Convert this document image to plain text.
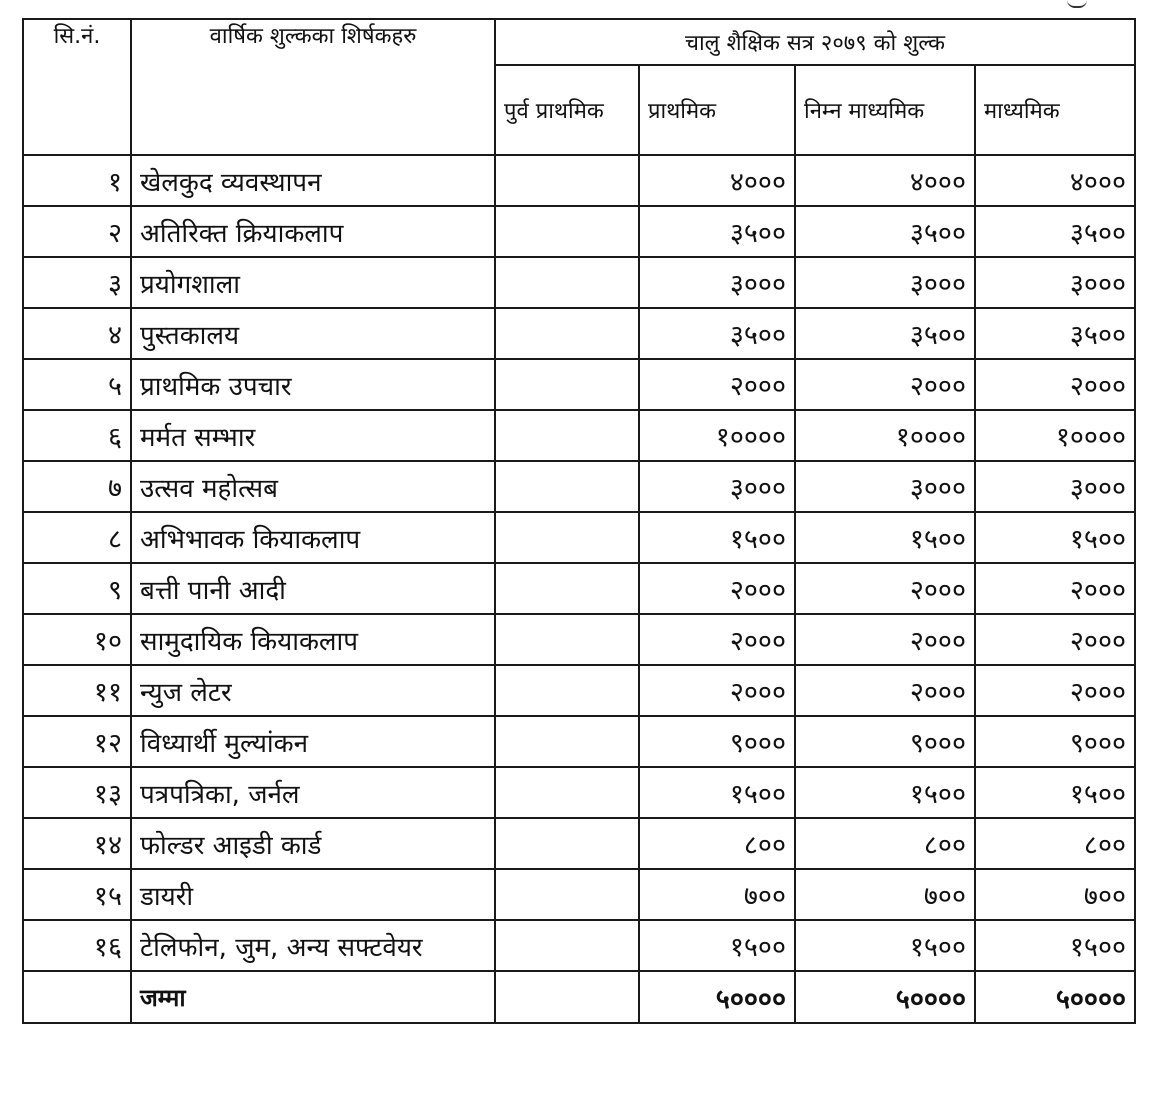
सि.नं.	वार्षिक शुल्कका शिर्षकहरु	चालु शैक्षिक सत्र २०७९ को शुल्क			
		पुर्व प्राथमिक	प्राथमिक	निम्न माध्यमिक	माध्यमिक
१	खेलकुद व्यवस्थापन		४०००	४०००	४०००
२	अतिरिक्त क्रियाकलाप		३५००	३५००	३५००
३	प्रयोगशाला		३०००	३०००	३०००
४	पुस्तकालय		३५००	३५००	३५००
५	प्राथमिक उपचार		२०००	२०००	२०००
६	मर्मत सम्भार		१००००	१००००	१००००
७	उत्सव महोत्सब		३०००	३०००	३०००
८	अभिभावक कियाकलाप		१५००	१५००	१५००
९	बत्ती पानी आदी		२०००	२०००	२०००
१०	सामुदायिक कियाकलाप		२०००	२०००	२०००
११	न्युज लेटर		२०००	२०००	२०००
१२	विध्यार्थी मुल्यांकन		९०००	९०००	९०००
१३	पत्रपत्रिका, जर्नल		१५००	१५००	१५००
१४	फोल्डर आइडी कार्ड		८००	८००	८००
१५	डायरी		७००	७००	७००
१६	टेलिफोन, जुम, अन्य सफ्टवेयर		१५००	१५००	१५००
	जम्मा		५००००	५००००	५००००
